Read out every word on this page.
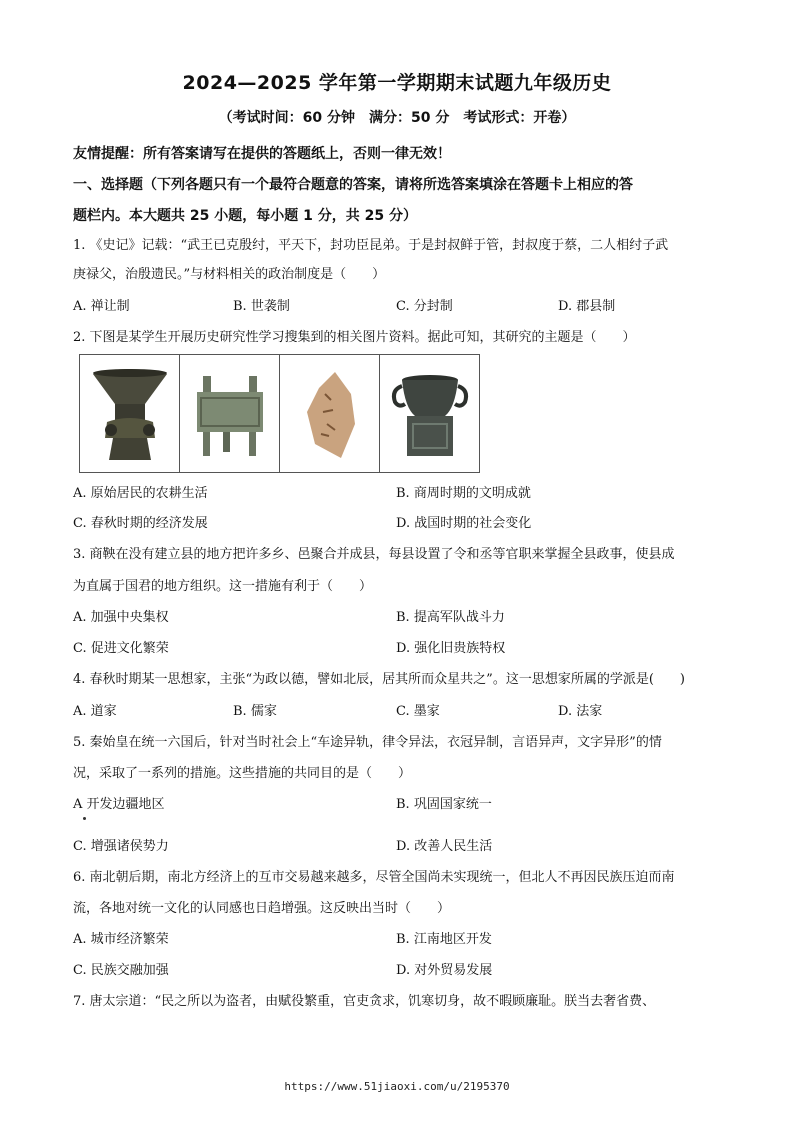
2024—2025 学年第一学期期末试题九年级历史
（考试时间：60 分钟　满分：50 分　考试形式：开卷）
友情提醒：所有答案请写在提供的答题纸上，否则一律无效！
一、选择题（下列各题只有一个最符合题意的答案，请将所选答案填涂在答题卡上相应的答
题栏内。本大题共 25 小题，每小题 1 分，共 25 分）
1. 《史记》记载：“武王已克殷纣，平天下，封功臣昆弟。于是封叔鲜于管，封叔度于蔡，二人相纣子武
庚禄父，治殷遗民。”与材料相关的政治制度是（　　）
A. 禅让制	B. 世袭制	C. 分封制	D. 郡县制
2. 下图是某学生开展历史研究性学习搜集到的相关图片资料。据此可知，其研究的主题是（　　）
A. 原始居民的农耕生活	B. 商周时期的文明成就
C. 春秋时期的经济发展	D. 战国时期的社会变化
3. 商鞅在没有建立县的地方把许多乡、邑聚合并成县，每县设置了令和丞等官职来掌握全县政事，使县成
为直属于国君的地方组织。这一措施有利于（　　）
A. 加强中央集权	B. 提高军队战斗力
C. 促进文化繁荣	D. 强化旧贵族特权
4. 春秋时期某一思想家，主张“为政以德，譬如北辰，居其所而众星共之”。这一思想家所属的学派是(　　)
A. 道家	B. 儒家	C. 墨家	D. 法家
5. 秦始皇在统一六国后，针对当时社会上“车途异轨，律令异法，衣冠异制，言语异声，文字异形”的情
况，采取了一系列的措施。这些措施的共同目的是（　　）
A 开发边疆地区	B. 巩固国家统一
C. 增强诸侯势力	D. 改善人民生活
6. 南北朝后期，南北方经济上的互市交易越来越多，尽管全国尚未实现统一，但北人不再因民族压迫而南
流，各地对统一文化的认同感也日趋增强。这反映出当时（　　）
A. 城市经济繁荣	B. 江南地区开发
C. 民族交融加强	D. 对外贸易发展
7. 唐太宗道：“民之所以为盗者，由赋役繁重，官吏贪求，饥寒切身，故不暇顾廉耻。朕当去奢省费、
https://www.51jiaoxi.com/u/2195370
